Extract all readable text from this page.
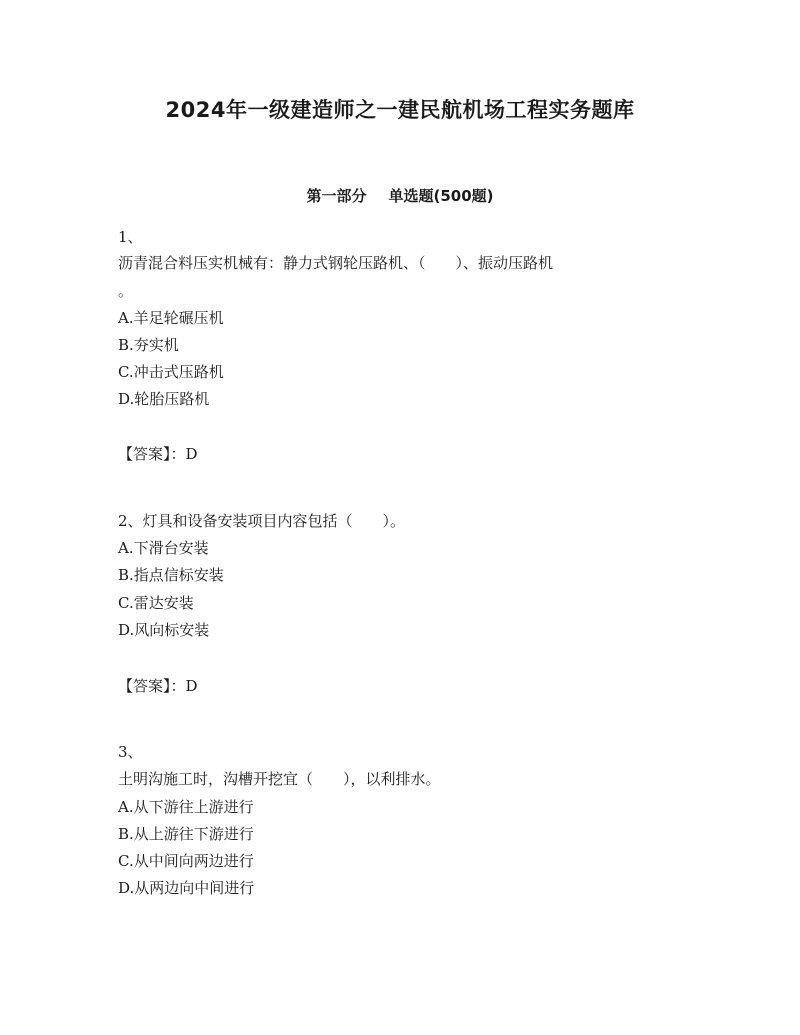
2024年一级建造师之一建民航机场工程实务题库
第一部分 单选题(500题)
1、
沥青混合料压实机械有：静力式钢轮压路机、（　　）、振动压路机
。
A.羊足轮碾压机
B.夯实机
C.冲击式压路机
D.轮胎压路机
【答案】：D
2、灯具和设备安装项目内容包括（　　）。
A.下滑台安装
B.指点信标安装
C.雷达安装
D.风向标安装
【答案】：D
3、
土明沟施工时，沟槽开挖宜（　　），以利排水。
A.从下游往上游进行
B.从上游往下游进行
C.从中间向两边进行
D.从两边向中间进行
